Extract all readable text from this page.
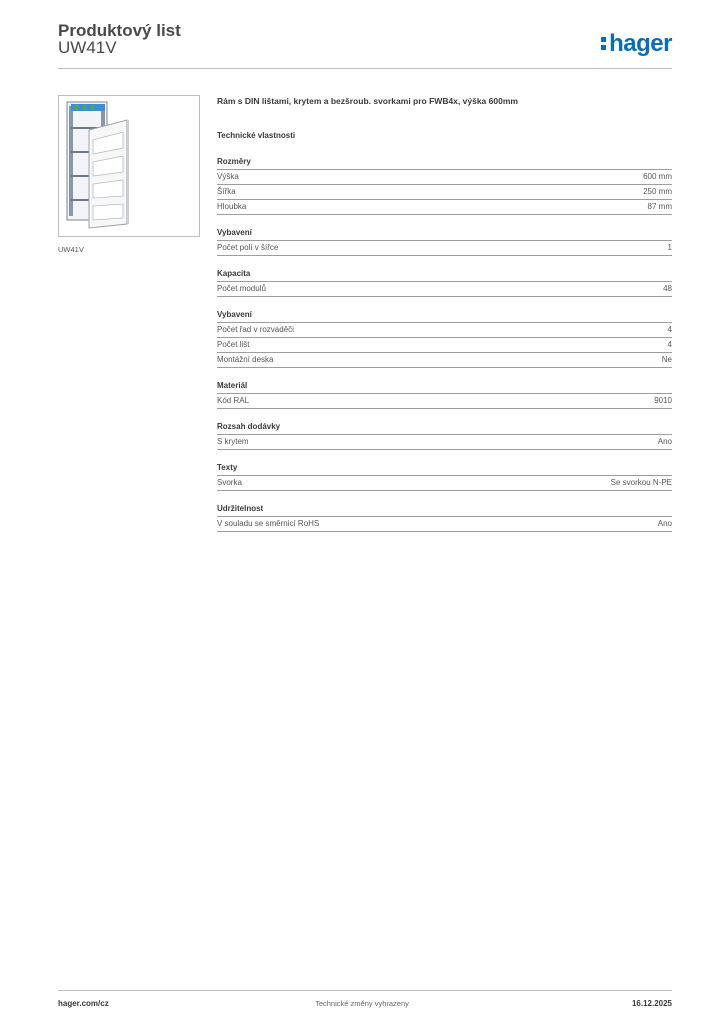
Produktový list
UW41V	hager
UW41V
Rám s DIN lištami, krytem a bezšroub. svorkami pro FWB4x, výška 600mm
Technické vlastnosti
Rozměry
Výška	600 mm
Šířka	250 mm
Hloubka	87 mm
Vybavení
Počet polí v šířce	1
Kapacita
Počet modulů	48
Vybavení
Počet řad v rozvaděči	4
Počet lišt	4
Montážní deska	Ne
Materiál
Kód RAL	9010
Rozsah dodávky
S krytem	Ano
Texty
Svorka	Se svorkou N-PE
Udržitelnost
V souladu se směrnicí RoHS	Ano
hager.com/cz	Technické změny vyhrazeny	16.12.2025
